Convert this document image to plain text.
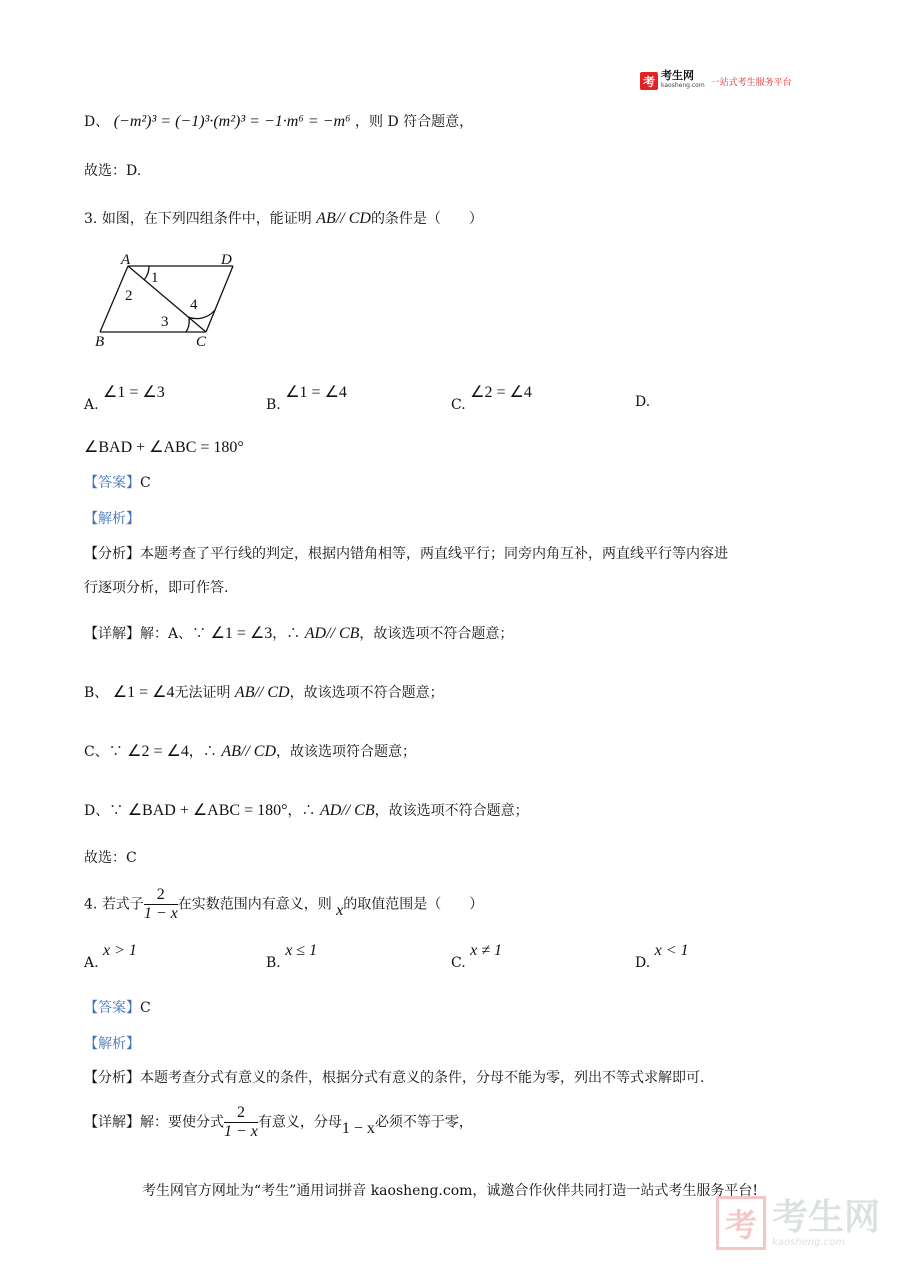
考 考生网
kaosheng.com 一站式考生服务平台
D、 (−m²)³ = (−1)³·(m²)³ = −1·m⁶ = −m⁶ ，则 D 符合题意，
故选：D.
3. 如图，在下列四组条件中，能证明 AB// CD的条件是（　　）
A	D
B	C
1
2
3
4
A. ∠1 = ∠3
B. ∠1 = ∠4
C. ∠2 = ∠4
D.
∠BAD + ∠ABC = 180°
【答案】C
【解析】
【分析】本题考查了平行线的判定，根据内错角相等，两直线平行；同旁内角互补，两直线平行等内容进
行逐项分析，即可作答.
【详解】解：A、∵ ∠1 = ∠3，∴ AD// CB，故该选项不符合题意；
B、 ∠1 = ∠4无法证明 AB// CD，故该选项不符合题意；
C、∵ ∠2 = ∠4，∴ AB// CD，故该选项符合题意；
D、∵ ∠BAD + ∠ABC = 180°，∴ AD// CB，故该选项不符合题意；
故选：C
4. 若式子 $\frac{2}{1 - x}$ 在实数范围内有意义，则 x的取值范围是（　　）
A. x > 1
B. x ≤ 1
C. x ≠ 1
D. x < 1
【答案】C
【解析】
【分析】本题考查分式有意义的条件，根据分式有意义的条件，分母不能为零，列出不等式求解即可.
【详解】解：要使分式 $\frac{2}{1 - x}$ 有意义，分母1 − x必须不等于零，
考生网官方网址为“考生”通用词拼音 kaosheng.com，诚邀合作伙伴共同打造一站式考生服务平台!
考 考生网
kaosheng.com
